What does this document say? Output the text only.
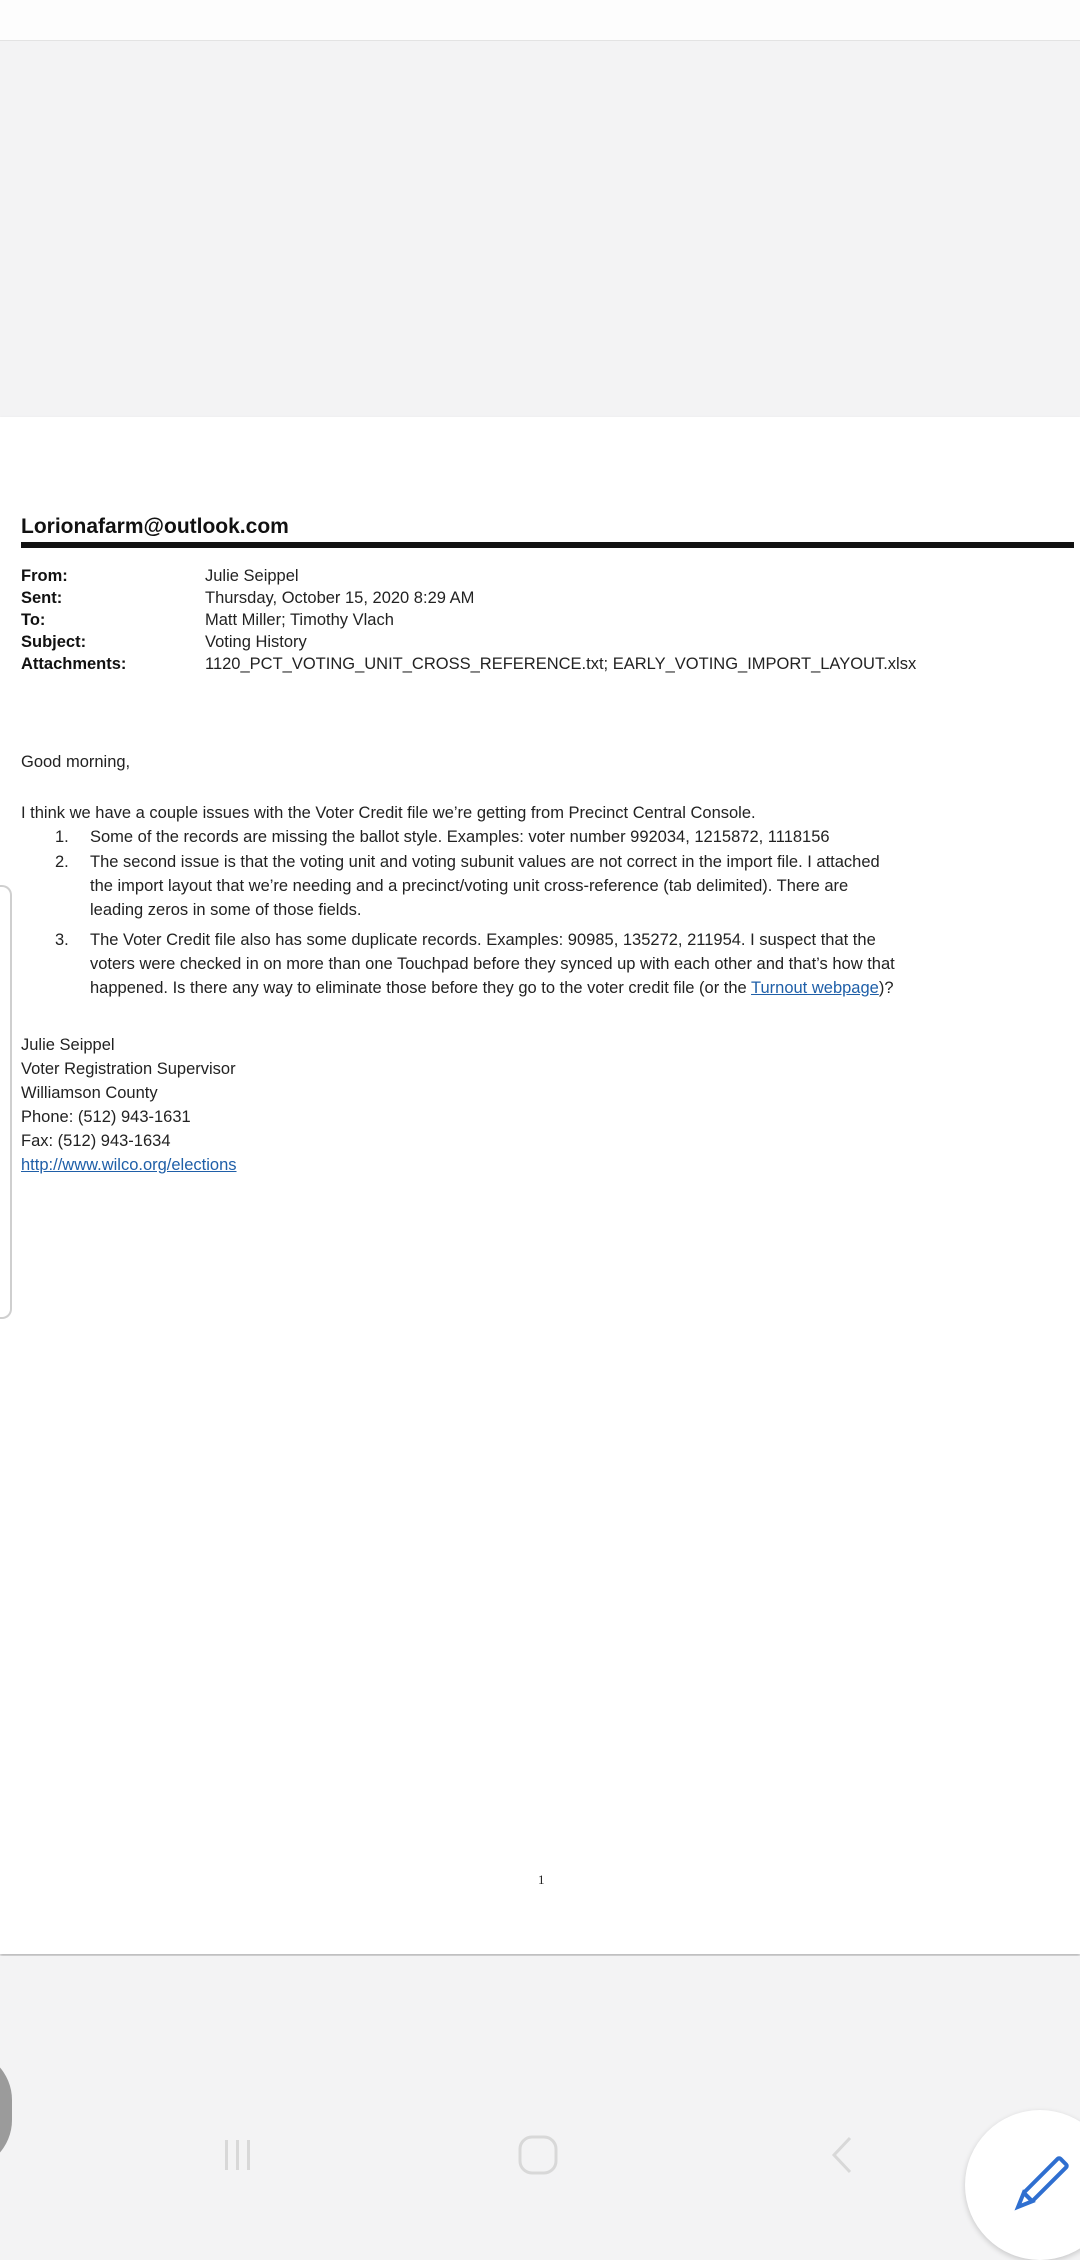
Lorionafarm@outlook.com
From:	Julie Seippel
Sent:	Thursday, October 15, 2020 8:29 AM
To:	Matt Miller; Timothy Vlach
Subject:	Voting History
Attachments:	1120_PCT_VOTING_UNIT_CROSS_REFERENCE.txt; EARLY_VOTING_IMPORT_LAYOUT.xlsx
Good morning,
I think we have a couple issues with the Voter Credit file we’re getting from Precinct Central Console.
1. Some of the records are missing the ballot style. Examples: voter number 992034, 1215872, 1118156
2. The second issue is that the voting unit and voting subunit values are not correct in the import file. I attached
the import layout that we’re needing and a precinct/voting unit cross-reference (tab delimited). There are
leading zeros in some of those fields.
3. The Voter Credit file also has some duplicate records. Examples: 90985, 135272, 211954. I suspect that the
voters were checked in on more than one Touchpad before they synced up with each other and that’s how that
happened. Is there any way to eliminate those before they go to the voter credit file (or the Turnout webpage)?
Julie Seippel
Voter Registration Supervisor
Williamson County
Phone: (512) 943-1631
Fax: (512) 943-1634
http://www.wilco.org/elections
1
